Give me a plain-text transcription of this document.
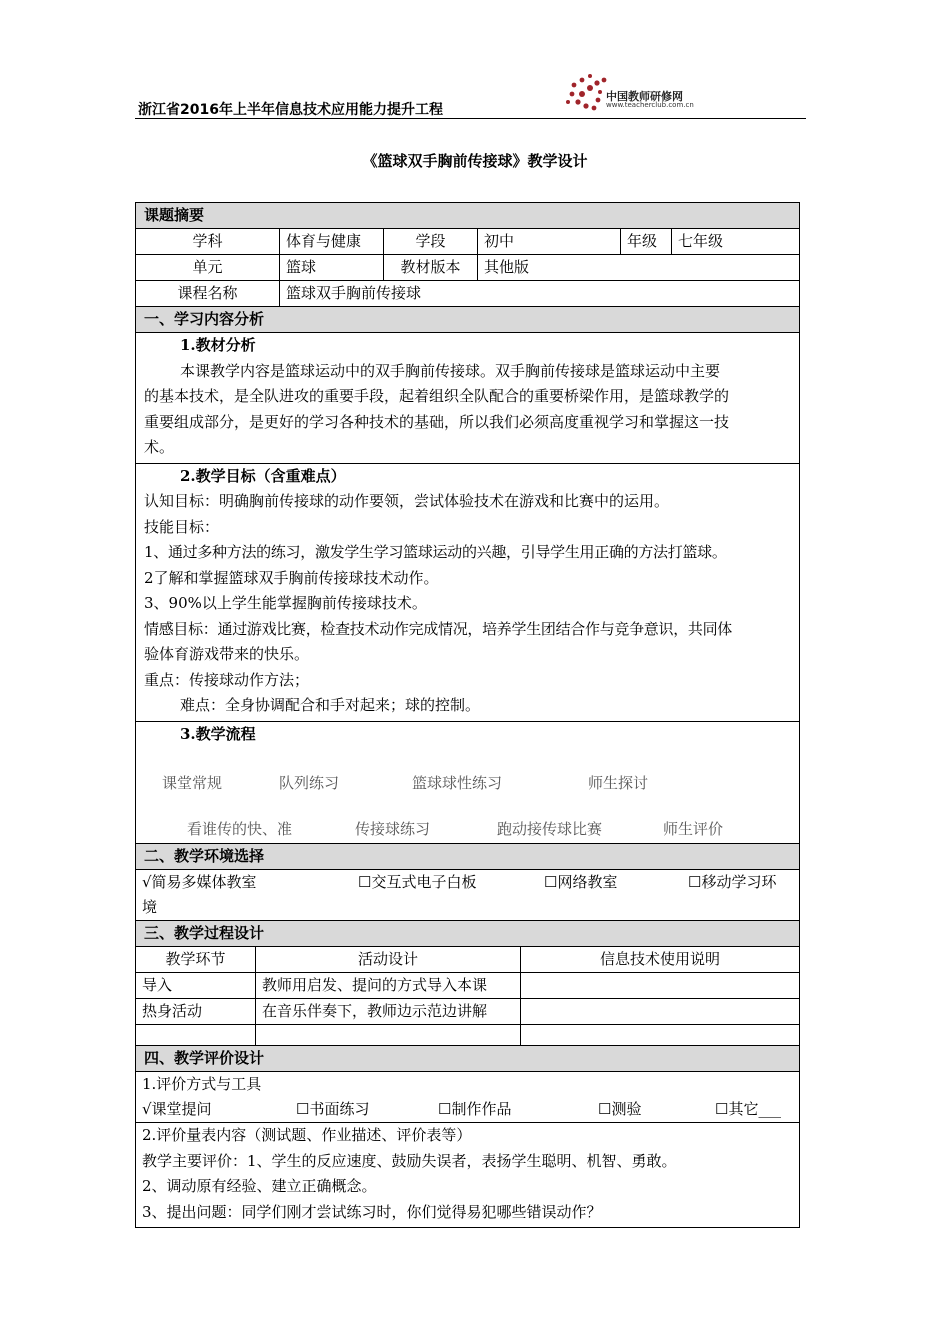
浙江省2016年上半年信息技术应用能力提升工程
中国教师研修网
www.teacherclub.com.cn
《篮球双手胸前传接球》教学设计
课题摘要
学科	体育与健康	学段	初中	年级	七年级
单元	篮球	教材版本	其他版
课程名称	篮球双手胸前传接球
一、学习内容分析
1.教材分析
本课教学内容是篮球运动中的双手胸前传接球。双手胸前传接球是篮球运动中主要
的基本技术，是全队进攻的重要手段，起着组织全队配合的重要桥梁作用，是篮球教学的
重要组成部分，是更好的学习各种技术的基础，所以我们必须高度重视学习和掌握这一技
术。
2.教学目标（含重难点）
认知目标：明确胸前传接球的动作要领，尝试体验技术在游戏和比赛中的运用。
技能目标：
1、通过多种方法的练习，激发学生学习篮球运动的兴趣，引导学生用正确的方法打篮球。
2了解和掌握篮球双手胸前传接球技术动作。
3、90%以上学生能掌握胸前传接球技术。
情感目标：通过游戏比赛，检查技术动作完成情况，培养学生团结合作与竞争意识，共同体
验体育游戏带来的快乐。
重点：传接球动作方法；
难点：全身协调配合和手对起来；球的控制。
3.教学流程
课堂常规	队列练习	篮球球性练习	师生探讨
看谁传的快、准	传接球练习	跑动接传球比赛	师生评价
二、教学环境选择
√简易多媒体教室	☐交互式电子白板	☐网络教室	☐移动学习环
境
三、教学过程设计
教学环节	活动设计	信息技术使用说明
导入	教师用启发、提问的方式导入本课
热身活动	在音乐伴奏下，教师边示范边讲解
四、教学评价设计
1.评价方式与工具
√课堂提问	☐书面练习	☐制作作品	☐测验	☐其它___
2.评价量表内容（测试题、作业描述、评价表等）
教学主要评价：1、学生的反应速度、鼓励失误者，表扬学生聪明、机智、勇敢。
2、调动原有经验、建立正确概念。
3、提出问题：同学们刚才尝试练习时，你们觉得易犯哪些错误动作？
